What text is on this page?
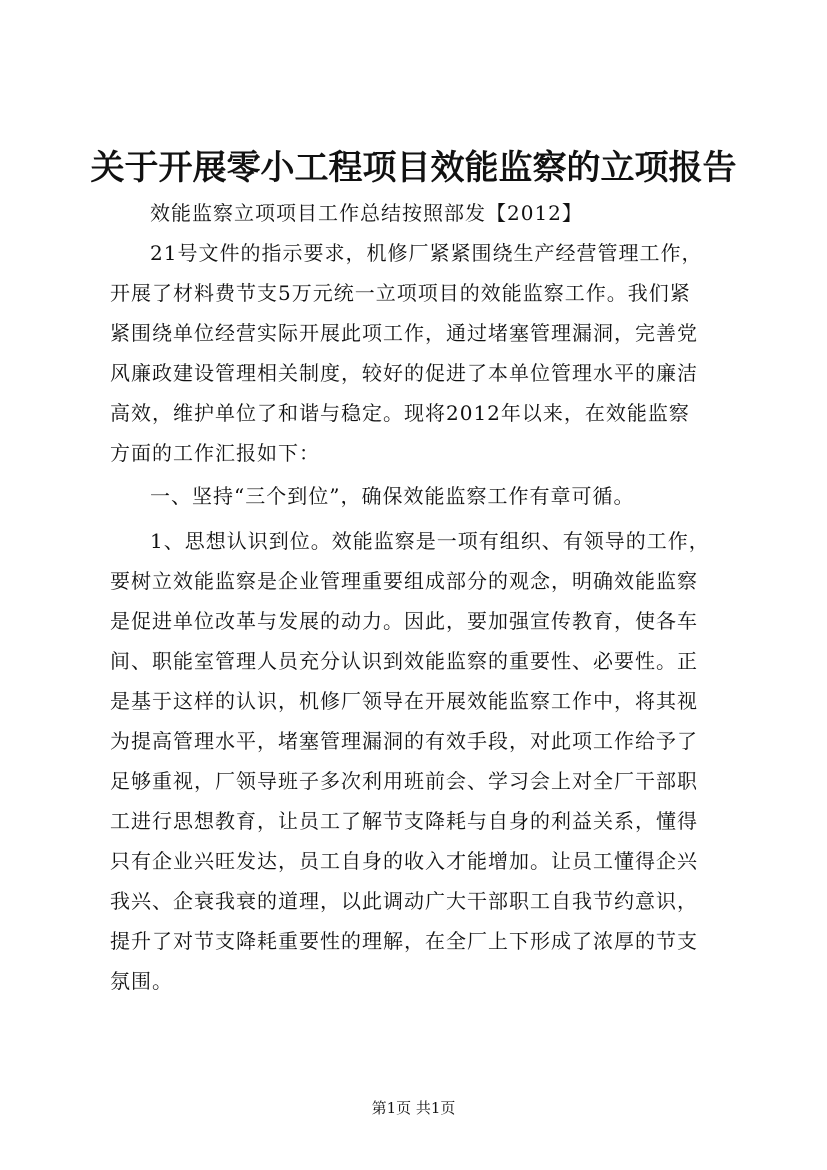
关于开展零小工程项目效能监察的立项报告
效能监察立项项目工作总结按照部发【2012】
21号文件的指示要求，机修厂紧紧围绕生产经营管理工作，
开展了材料费节支5万元统一立项项目的效能监察工作。我们紧
紧围绕单位经营实际开展此项工作，通过堵塞管理漏洞，完善党
风廉政建设管理相关制度，较好的促进了本单位管理水平的廉洁
高效，维护单位了和谐与稳定。现将2012年以来，在效能监察
方面的工作汇报如下：
一、坚持“三个到位”，确保效能监察工作有章可循。
1、思想认识到位。效能监察是一项有组织、有领导的工作，
要树立效能监察是企业管理重要组成部分的观念，明确效能监察
是促进单位改革与发展的动力。因此，要加强宣传教育，使各车
间、职能室管理人员充分认识到效能监察的重要性、必要性。正
是基于这样的认识，机修厂领导在开展效能监察工作中，将其视
为提高管理水平，堵塞管理漏洞的有效手段，对此项工作给予了
足够重视，厂领导班子多次利用班前会、学习会上对全厂干部职
工进行思想教育，让员工了解节支降耗与自身的利益关系，懂得
只有企业兴旺发达，员工自身的收入才能增加。让员工懂得企兴
我兴、企衰我衰的道理，以此调动广大干部职工自我节约意识，
提升了对节支降耗重要性的理解，在全厂上下形成了浓厚的节支
氛围。
第1页 共1页
